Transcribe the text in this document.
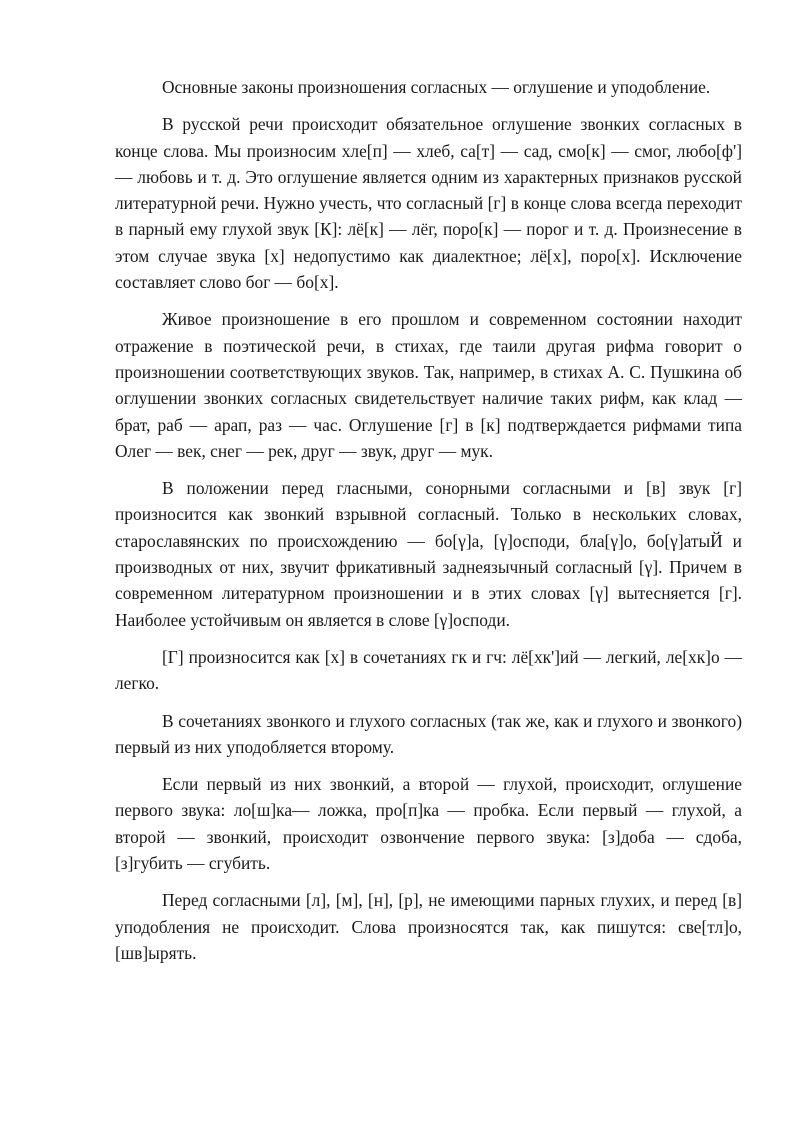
Основные законы произношения согласных — оглушение и уподобление.

В русской речи происходит обязательное оглушение звонких согласных в конце слова. Мы произносим хле[п] — хлеб, са[т] — сад, смо[к] — смог, любо[ф'] — любовь и т. д. Это оглушение является одним из характерных признаков русской литературной речи. Нужно учесть, что согласный [г] в конце слова всегда переходит в парный ему глухой звук [К]: лё[к] — лёг, поро[к] — порог и т. д. Произнесение в этом случае звука [х] недопустимо как диалектное; лё[х], поро[х]. Исключение составляет слово бог — бо[х].

Живое произношение в его прошлом и современном состоянии находит отражение в поэтической речи, в стихах, где таили другая рифма говорит о произношении соответствующих звуков. Так, например, в стихах А. С. Пушкина об оглушении звонких согласных свидетельствует наличие таких рифм, как клад — брат, раб — арап, раз — час. Оглушение [г] в [к] подтверждается рифмами типа Олег — век, снег — рек, друг — звук, друг — мук.

В положении перед гласными, сонорными согласными и [в] звук [г] произносится как звонкий взрывной согласный. Только в нескольких словах, старославянских по происхождению — бо[γ]а, [γ]осподи, бла[γ]о, бо[γ]атыЙ и производных от них, звучит фрикативный заднеязычный согласный [γ]. Причем в современном литературном произношении и в этих словах [γ] вытесняется [г]. Наиболее устойчивым он является в слове [γ]осподи.

[Г] произносится как [х] в сочетаниях гк и гч: лё[хк']ий — легкий, ле[хк]о — легко.

В сочетаниях звонкого и глухого согласных (так же, как и глухого и звонкого) первый из них уподобляется второму.

Если первый из них звонкий, а второй — глухой, происходит, оглушение первого звука: ло[ш]ка— ложка, про[п]ка — пробка. Если первый — глухой, а второй — звонкий, происходит озвончение первого звука: [з]доба — сдоба, [з]губить — сгубить.

Перед согласными [л], [м], [н], [р], не имеющими парных глухих, и перед [в] уподобления не происходит. Слова произносятся так, как пишутся: све[тл]о, [шв]ырять.
